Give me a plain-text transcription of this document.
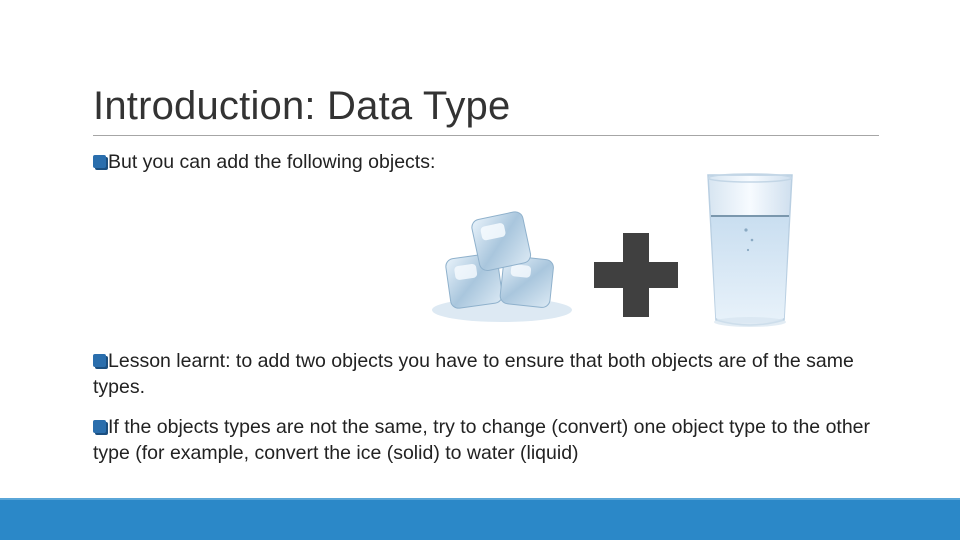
Introduction: Data Type
But you can add the following objects:
Lesson learnt: to add two objects you have to ensure that both objects are of the same types.
If the objects types are not the same, try to change (convert) one object type to the other type (for example, convert the ice (solid) to water (liquid)
